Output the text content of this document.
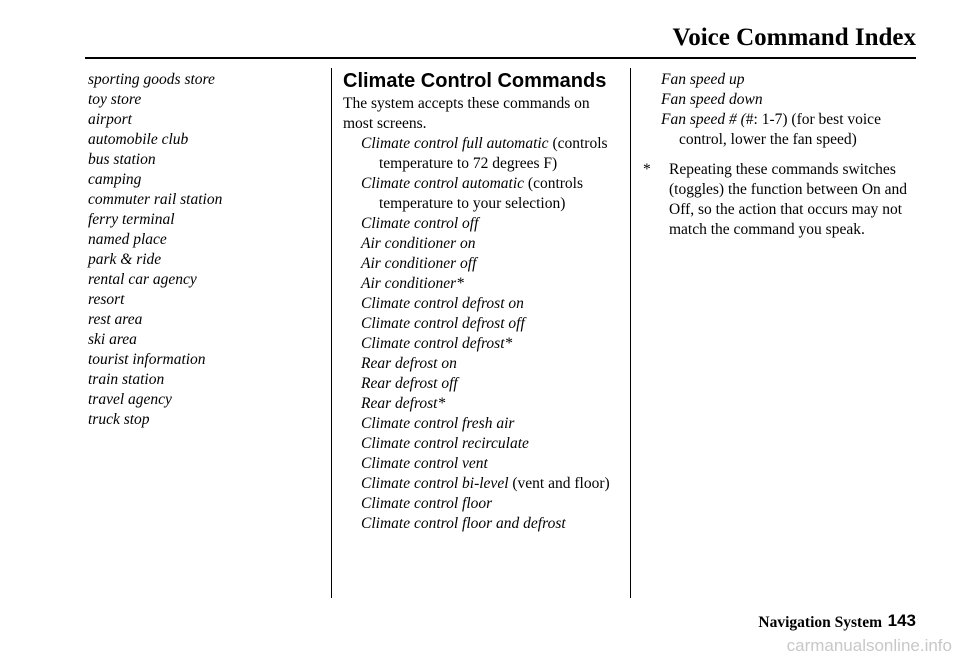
Voice Command Index
sporting goods store
toy store
airport
automobile club
bus station
camping
commuter rail station
ferry terminal
named place
park & ride
rental car agency
resort
rest area
ski area
tourist information
train station
travel agency
truck stop
Climate Control Commands
The system accepts these commands on most screens.
Climate control full automatic (controls temperature to 72 degrees F)
Climate control automatic (controls temperature to your selection)
Climate control off
Air conditioner on
Air conditioner off
Air conditioner*
Climate control defrost on
Climate control defrost off
Climate control defrost*
Rear defrost on
Rear defrost off
Rear defrost*
Climate control fresh air
Climate control recirculate
Climate control vent
Climate control bi-level (vent and floor)
Climate control floor
Climate control floor and defrost
Fan speed up
Fan speed down
Fan speed # (#: 1-7) (for best voice control, lower the fan speed)
* Repeating these commands switches (toggles) the function between On and Off, so the action that occurs may not match the command you speak.
Navigation System 143
carmanualsonline.info
